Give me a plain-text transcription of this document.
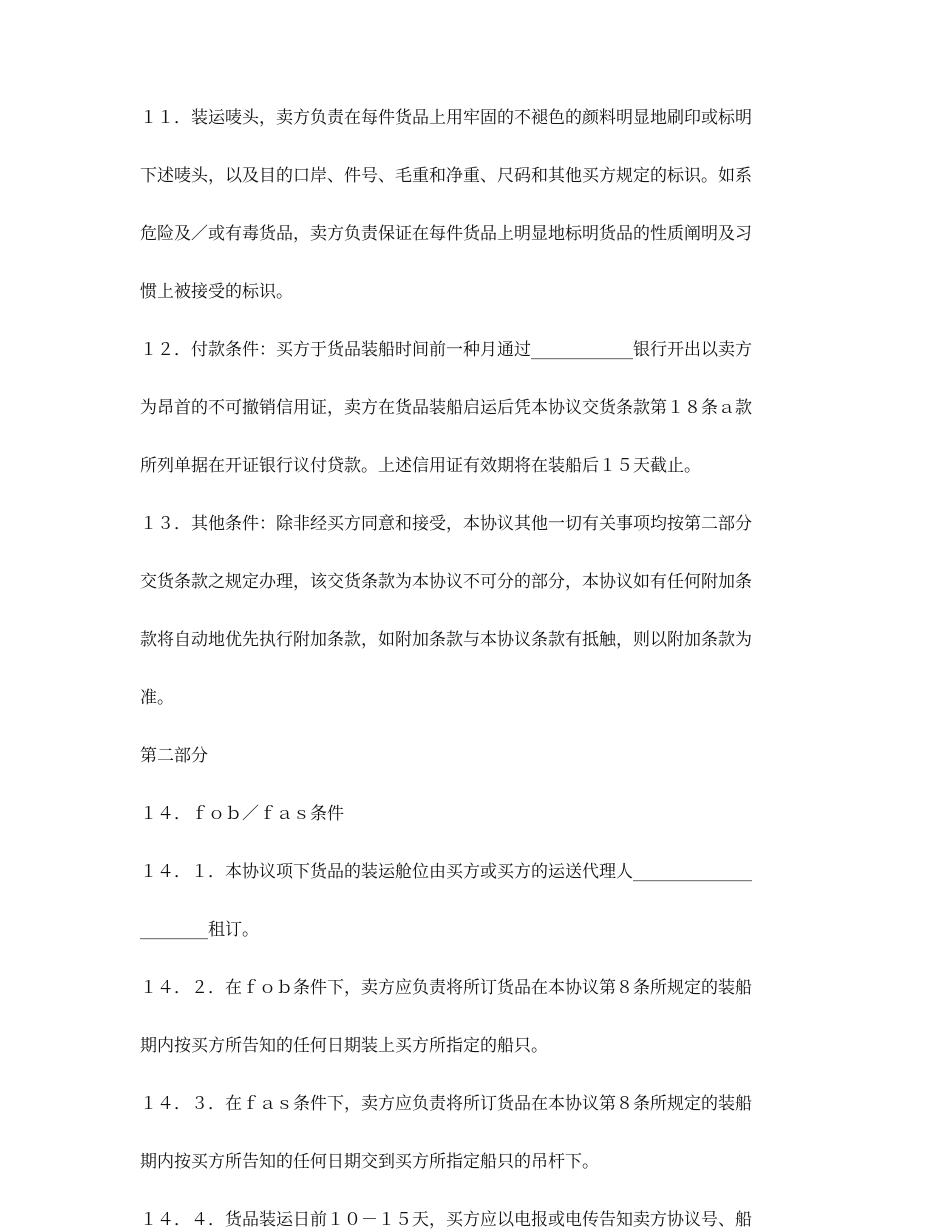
１１．装运唛头，卖方负责在每件货品上用牢固的不褪色的颜料明显地刷印或标明
下述唛头，以及目的口岸、件号、毛重和净重、尺码和其他买方规定的标识。如系
危险及／或有毒货品，卖方负责保证在每件货品上明显地标明货品的性质阐明及习
惯上被接受的标识。
１２．付款条件：买方于货品装船时间前一种月通过____________银行开出以卖方
为昂首的不可撤销信用证，卖方在货品装船启运后凭本协议交货条款第１８条ａ款
所列单据在开证银行议付贷款。上述信用证有效期将在装船后１５天截止。
１３．其他条件：除非经买方同意和接受，本协议其他一切有关事项均按第二部分
交货条款之规定办理，该交货条款为本协议不可分的部分，本协议如有任何附加条
款将自动地优先执行附加条款，如附加条款与本协议条款有抵触，则以附加条款为
准。
第二部分
１４．ｆｏｂ／ｆａｓ条件
１４．１．本协议项下货品的装运舱位由买方或买方的运送代理人______________
________租订。
１４．２．在ｆｏｂ条件下，卖方应负责将所订货品在本协议第８条所规定的装船
期内按买方所告知的任何日期装上买方所指定的船只。
１４．３．在ｆａｓ条件下，卖方应负责将所订货品在本协议第８条所规定的装船
期内按买方所告知的任何日期交到买方所指定船只的吊杆下。
１４．４．货品装运日前１０－１５天，买方应以电报或电传告知卖方协议号、船
